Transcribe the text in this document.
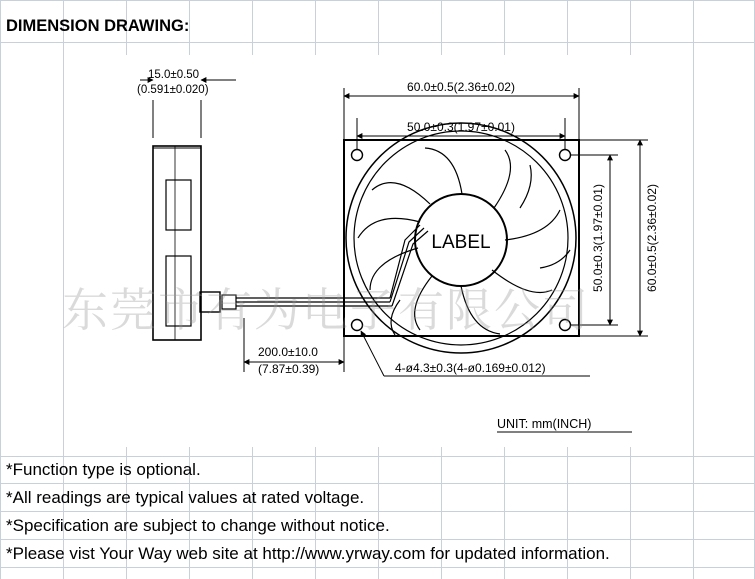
DIMENSION DRAWING:
15.0±0.50
(0.591±0.020)
200.0±10.0
(7.87±0.39)
LABEL
60.0±0.5(2.36±0.02)
50.0±0.3(1.97±0.01)
60.0±0.5(2.36±0.02)
50.0±0.3(1.97±0.01)
4-ø4.3±0.3(4-ø0.169±0.012)
UNIT: mm(INCH)
东莞市有为电子有限公司
*Function type is optional.
*All readings are typical values at rated voltage.
*Specification are subject to change without notice.
*Please vist Your Way web site at http://www.yrway.com for updated information.
